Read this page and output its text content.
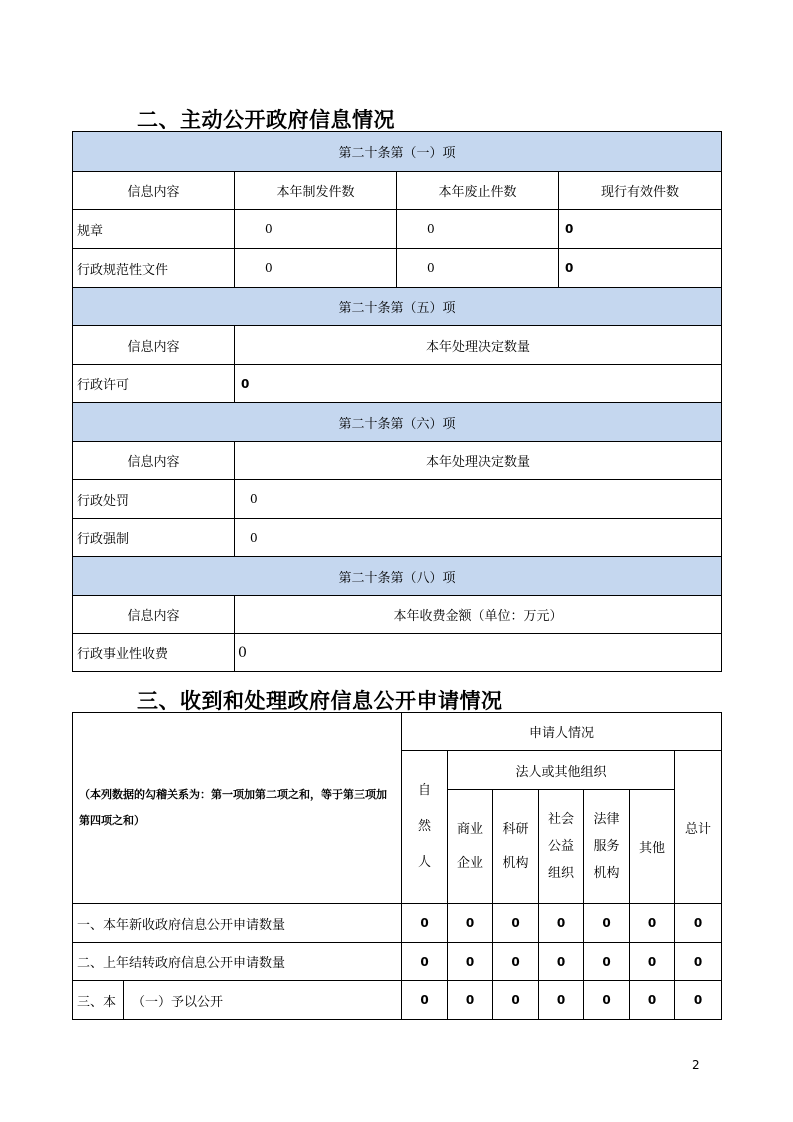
二、主动公开政府信息情况
第二十条第（一）项			
信息内容	本年制发件数	本年废止件数	现行有效件数
规章	0	0	0
行政规范性文件	0	0	0
第二十条第（五）项			
信息内容	本年处理决定数量		
行政许可	0		
第二十条第（六）项			
信息内容	本年处理决定数量		
行政处罚	0		
行政强制	0		
第二十条第（八）项			
信息内容	本年收费金额（单位：万元）		
行政事业性收费	0		
三、收到和处理政府信息公开申请情况
（本列数据的勾稽关系为：第一项加第二项之和，等于第三项加第四项之和）		申请人情况						
		自然人	法人或其他组织					总计
			商业企业	科研机构	社会公益组织	法律服务机构	其他	
一、本年新收政府信息公开申请数量		0	0	0	0	0	0	0
二、上年结转政府信息公开申请数量		0	0	0	0	0	0	0
三、本	（一）予以公开	0	0	0	0	0	0	0
2
